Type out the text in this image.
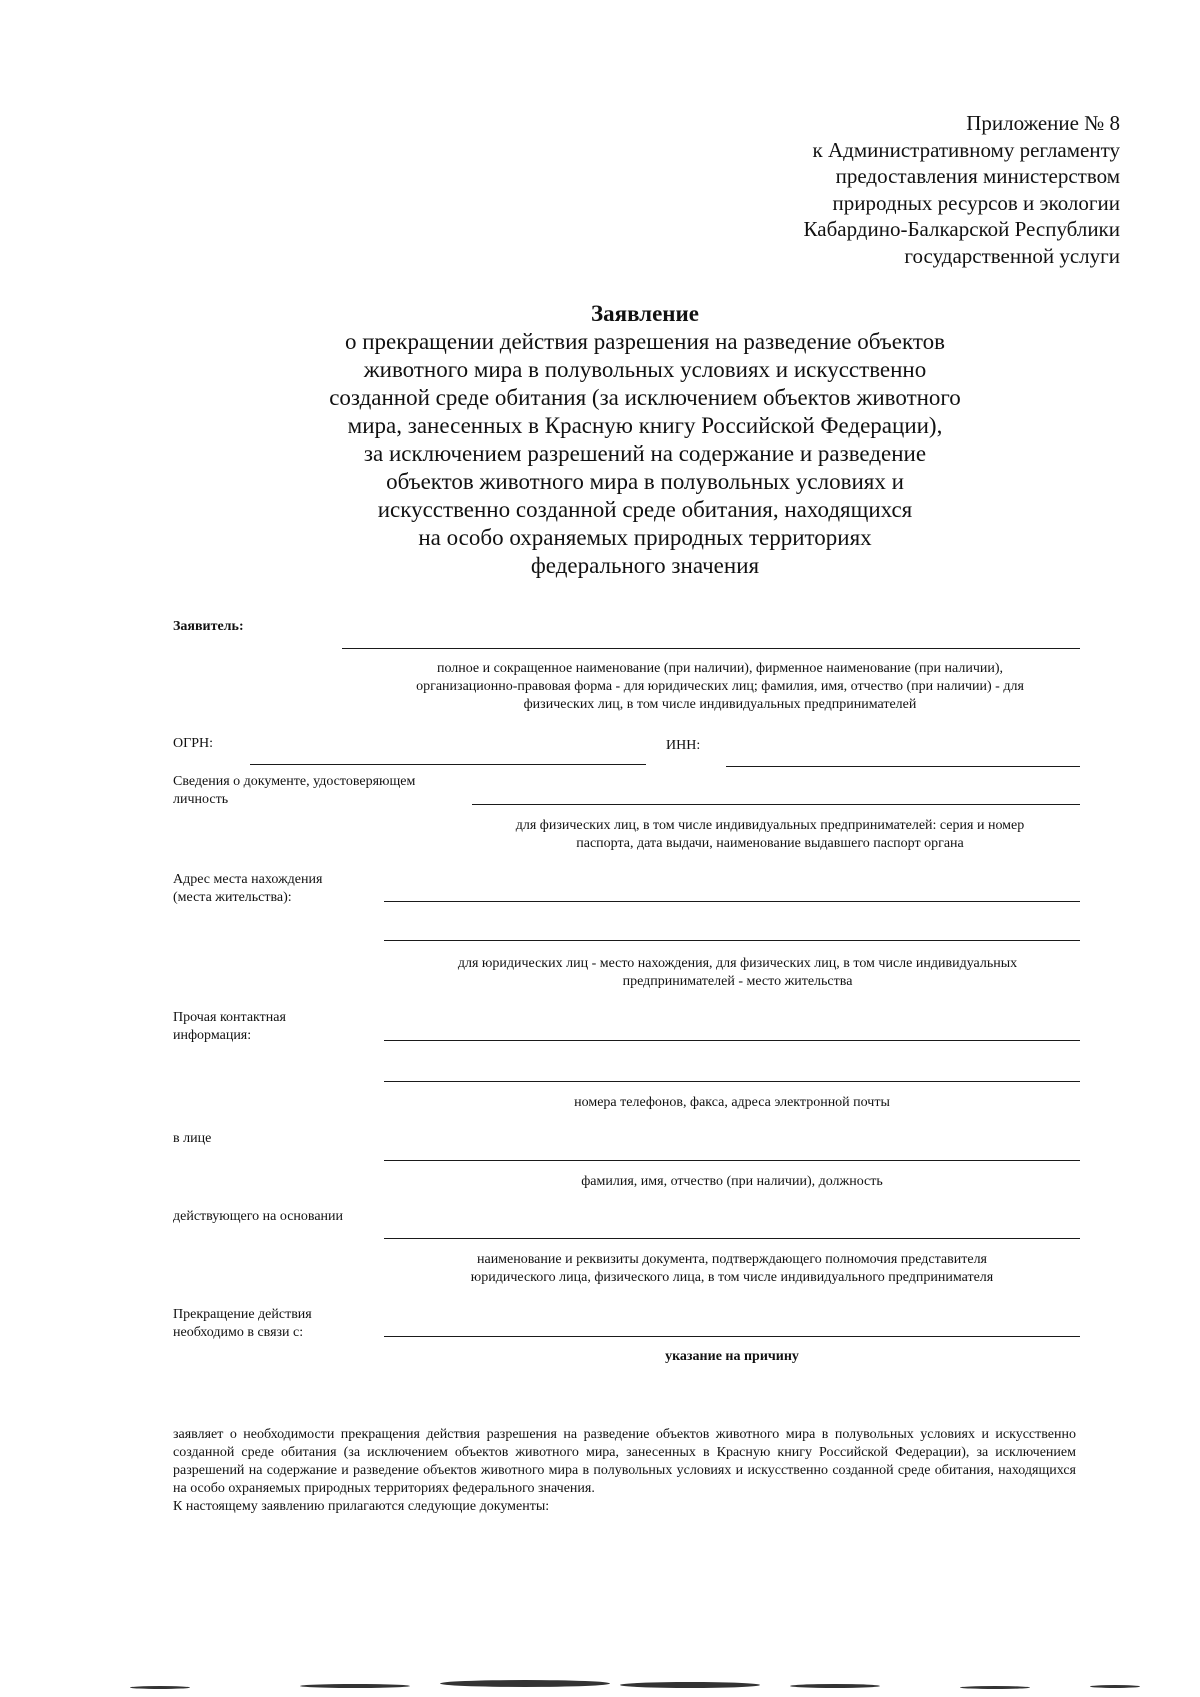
Приложение № 8
к Административному регламенту
предоставления министерством
природных ресурсов и экологии
Кабардино-Балкарской Республики
государственной услуги
Заявление
о прекращении действия разрешения на разведение объектов
животного мира в полувольных условиях и искусственно
созданной среде обитания (за исключением объектов животного
мира, занесенных в Красную книгу Российской Федерации),
за исключением разрешений на содержание и разведение
объектов животного мира в полувольных условиях и
искусственно созданной среде обитания, находящихся
на особо охраняемых природных территориях
федерального значения
Заявитель:
полное и сокращенное наименование (при наличии), фирменное наименование (при наличии),
организационно-правовая форма - для юридических лиц; фамилия, имя, отчество (при наличии) - для
физических лиц, в том числе индивидуальных предпринимателей
ОГРН:	ИНН:
Сведения о документе, удостоверяющем
личность
для физических лиц, в том числе индивидуальных предпринимателей: серия и номер
паспорта, дата выдачи, наименование выдавшего паспорт органа
Адрес места нахождения
(места жительства):
для юридических лиц - место нахождения, для физических лиц, в том числе индивидуальных
предпринимателей - место жительства
Прочая контактная
информация:
номера телефонов, факса, адреса электронной почты
в лице
фамилия, имя, отчество (при наличии), должность
действующего на основании
наименование и реквизиты документа, подтверждающего полномочия представителя
юридического лица, физического лица, в том числе индивидуального предпринимателя
Прекращение действия
необходимо в связи с:
указание на причину

заявляет о необходимости прекращения действия разрешения на разведение объектов животного мира в полувольных условиях и искусственно созданной среде обитания (за исключением объектов животного мира, занесенных в Красную книгу Российской Федерации), за исключением разрешений на содержание и разведение объектов животного мира в полувольных условиях и искусственно созданной среде обитания, находящихся на особо охраняемых природных территориях федерального значения.

К настоящему заявлению прилагаются следующие документы:
